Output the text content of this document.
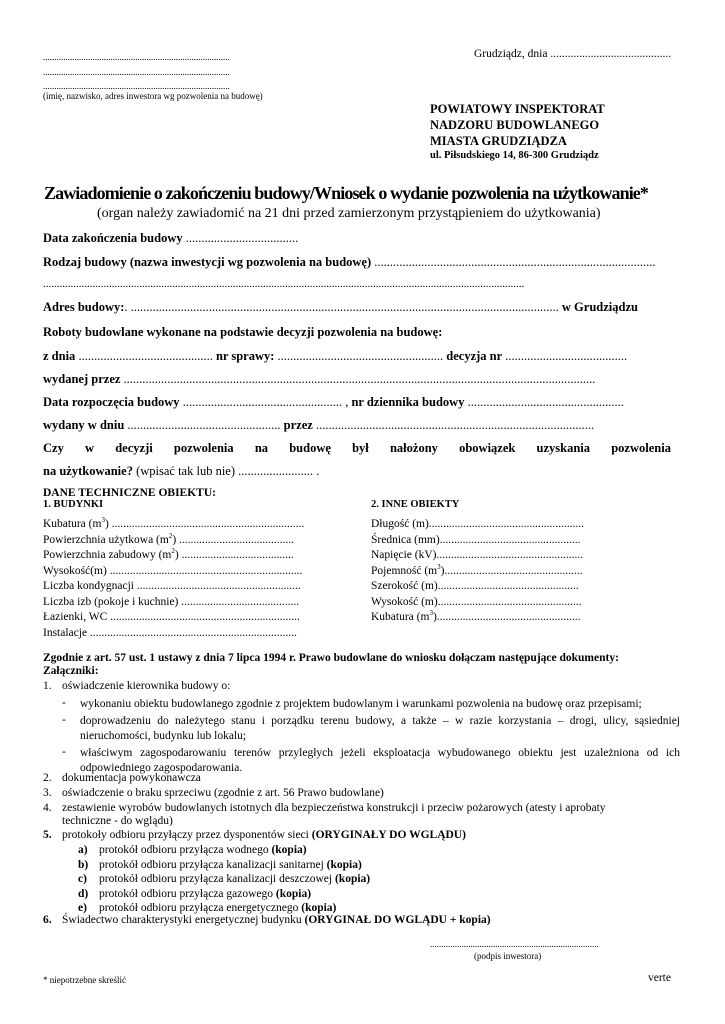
...................................................................................
...................................................................................
...................................................................................
(imię, nazwisko, adres inwestora wg pozwolenia na budowę)
Grudziądz, dnia ..........................................
POWIATOWY INSPEKTORAT
NADZORU BUDOWLANEGO
MIASTA GRUDZIĄDZA
ul. Piłsudskiego 14, 86-300 Grudziądz
Zawiadomienie o zakończeniu budowy/Wniosek o wydanie pozwolenia na użytkowanie*
(organ należy zawiadomić na 21 dni przed zamierzonym przystąpieniem do użytkowania)
Data zakończenia budowy ....................................
Rodzaj budowy (nazwa inwestycji wg pozwolenia na budowę) ..........................................................................................
...............................................................................................................................................................................
Adres budowy:. ......................................................................................................................................... w Grudziądzu
Roboty budowlane wykonane na podstawie decyzji pozwolenia na budowę:
z dnia ........................................... nr sprawy: ..................................................... decyzja nr .......................................
wydanej przez .......................................................................................................................................................
Data rozpoczęcia budowy ................................................... , nr dziennika budowy ..................................................
wydany w dniu ................................................. przez .........................................................................................
Czy w decyzji pozwolenia na budowę był nałożony obowiązek uzyskania pozwolenia
na użytkowanie? (wpisać tak lub nie) ........................ .
DANE TECHNICZNE OBIEKTU:
1. BUDYNKI	2. INNE OBIEKTY
Kubatura $(m^3)$ ...................................................................
Powierzchnia użytkowa $(m^2)$ ........................................
Powierzchnia zabudowy $(m^2)$ .......................................
Wysokość(m) ...................................................................
Liczba kondygnacji .........................................................
Liczba izb (pokoje i kuchnie) .........................................
Łazienki, WC ..................................................................
Instalacje ........................................................................
Długość (m)......................................................
Średnica (mm).................................................
Napięcie (kV)...................................................
Pojemność $(m^3)$................................................
Szerokość (m).................................................
Wysokość (m)..................................................
Kubatura $(m^3)$..................................................
Zgodnie z art. 57 ust. 1 ustawy z dnia 7 lipca 1994 r. Prawo budowlane do wniosku dołączam następujące dokumenty:
Załączniki:
1. oświadczenie kierownika budowy o:
- wykonaniu obiektu budowlanego zgodnie z projektem budowlanym i warunkami pozwolenia na budowę oraz przepisami;
- doprowadzeniu do należytego stanu i porządku terenu budowy, a także – w razie korzystania – drogi, ulicy, sąsiedniej nieruchomości, budynku lub lokalu;
- właściwym zagospodarowaniu terenów przyległych jeżeli eksploatacja wybudowanego obiektu jest uzależniona od ich odpowiedniego zagospodarowania.
2. dokumentacja powykonawcza
3. oświadczenie o braku sprzeciwu (zgodnie z art. 56 Prawo budowlane)
4. zestawienie wyrobów budowlanych istotnych dla bezpieczeństwa konstrukcji i przeciw pożarowych (atesty i aprobaty
techniczne - do wglądu)
5. protokoły odbioru przyłączy przez dysponentów sieci (ORYGINAŁY DO WGLĄDU)
a) protokół odbioru przyłącza wodnego (kopia)
b) protokół odbioru przyłącza kanalizacji sanitarnej (kopia)
c) protokół odbioru przyłącza kanalizacji deszczowej (kopia)
d) protokół odbioru przyłącza gazowego (kopia)
e) protokół odbioru przyłącza energetycznego (kopia)
6. Świadectwo charakterystyki energetycznej budynku (ORYGINAŁ DO WGLĄDU + kopia)
...........................................................................
(podpis inwestora)
* niepotrzebne skreślić	verte
